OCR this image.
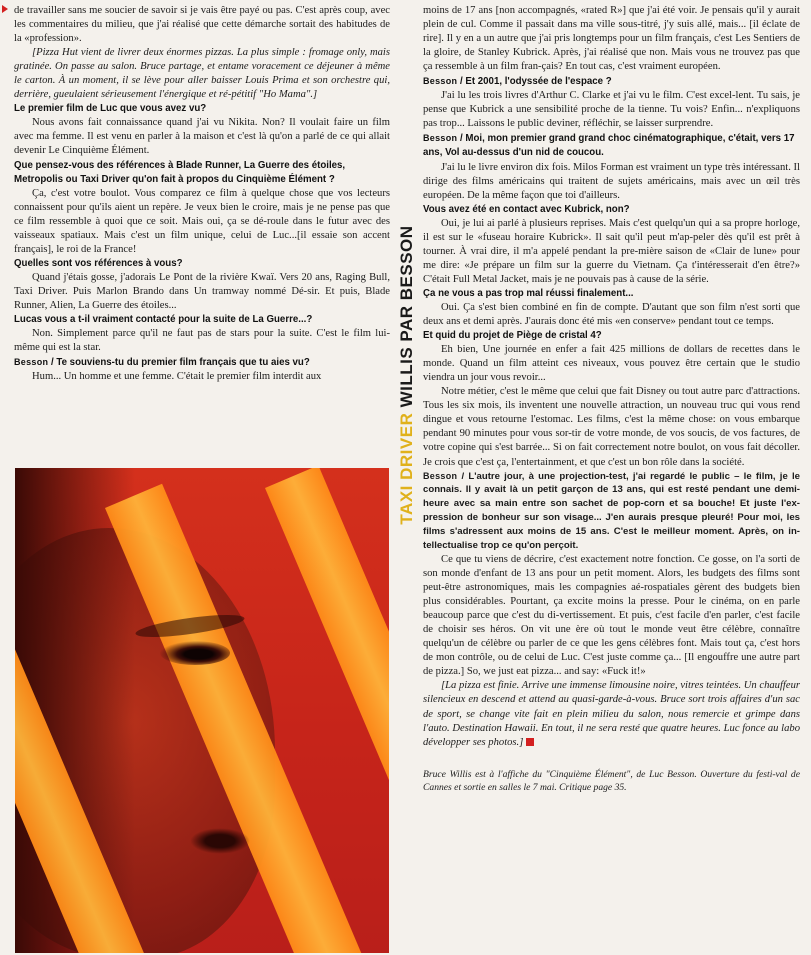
de travailler sans me soucier de savoir si je vais être payé ou pas. C'est après coup, avec les commentaires du milieu, que j'ai réalisé que cette démarche sortait des habitudes de la «profession».

[Pizza Hut vient de livrer deux énormes pizzas. La plus simple : fromage only, mais gratinée. On passe au salon. Bruce partage, et entame voracement ce déjeuner à même le carton. À un moment, il se lève pour aller baisser Louis Prima et son orchestre qui, derrière, gueulaient sérieusement l'énergique et ré-pétitif "Ho Mama".]

Le premier film de Luc que vous avez vu?

Nous avons fait connaissance quand j'ai vu Nikita. Non? Il voulait faire un film avec ma femme. Il est venu en parler à la maison et c'est là qu'on a parlé de ce qui allait devenir Le Cinquième Élément.

Que pensez-vous des références à Blade Runner, La Guerre des étoiles, Metropolis ou Taxi Driver qu'on fait à propos du Cinquième Élément ?

Ça, c'est votre boulot. Vous comparez ce film à quelque chose que vos lecteurs connaissent pour qu'ils aient un repère. Je veux bien le croire, mais je ne pense pas que ce film ressemble à quoi que ce soit. Mais oui, ça se dé-roule dans le futur avec des vaisseaux spatiaux. Mais c'est un film unique, celui de Luc...[il essaie son accent français], le roi de la France!

Quelles sont vos références à vous?

Quand j'étais gosse, j'adorais Le Pont de la rivière Kwaï. Vers 20 ans, Raging Bull, Taxi Driver. Puis Marlon Brando dans Un tramway nommé Dé-sir. Et puis, Blade Runner, Alien, La Guerre des étoiles...

Lucas vous a t-il vraiment contacté pour la suite de La Guerre...?

Non. Simplement parce qu'il ne faut pas de stars pour la suite. C'est le film lui-même qui est la star.

Besson / Te souviens-tu du premier film français que tu aies vu?

Hum... Un homme et une femme. C'était le premier film interdit aux

TAXI DRIVER WILLIS PAR BESSON

moins de 17 ans [non accompagnés, «rated R»] que j'ai été voir. Je pensais qu'il y aurait plein de cul. Comme il passait dans ma ville sous-titré, j'y suis allé, mais... [il éclate de rire]. Il y en a un autre que j'ai pris longtemps pour un film français, c'est Les Sentiers de la gloire, de Stanley Kubrick. Après, j'ai réalisé que non. Mais vous ne trouvez pas que ça ressemble à un film fran-çais? En tout cas, c'est vraiment européen.

Besson / Et 2001, l'odyssée de l'espace ?

J'ai lu les trois livres d'Arthur C. Clarke et j'ai vu le film. C'est excel-lent. Tu sais, je pense que Kubrick a une sensibilité proche de la tienne. Tu vois? Enfin... n'expliquons pas trop... Laissons le public deviner, réfléchir, se laisser surprendre.

Besson / Moi, mon premier grand grand choc cinématographique, c'était, vers 17 ans, Vol au-dessus d'un nid de coucou.

J'ai lu le livre environ dix fois. Milos Forman est vraiment un type très intéressant. Il dirige des films américains qui traitent de sujets américains, mais avec un œil très européen. De la même façon que toi d'ailleurs.

Vous avez été en contact avec Kubrick, non?

Oui, je lui ai parlé à plusieurs reprises. Mais c'est quelqu'un qui a sa propre horloge, il est sur le «fuseau horaire Kubrick». Il sait qu'il peut m'ap-peler dès qu'il est prêt à tourner. À vrai dire, il m'a appelé pendant la pre-mière saison de «Clair de lune» pour me dire: «Je prépare un film sur la guerre du Vietnam. Ça t'intéresserait d'en être?» C'était Full Metal Jacket, mais je ne pouvais pas à cause de la série.

Ça ne vous a pas trop mal réussi finalement...

Oui. Ça s'est bien combiné en fin de compte. D'autant que son film n'est sorti que deux ans et demi après. J'aurais donc été mis «en conserve» pendant tout ce temps.

Et quid du projet de Piège de cristal 4?

Eh bien, Une journée en enfer a fait 425 millions de dollars de recettes dans le monde. Quand un film atteint ces niveaux, vous pouvez être certain que le studio viendra un jour vous revoir...

Notre métier, c'est le même que celui que fait Disney ou tout autre parc d'attractions. Tous les six mois, ils inventent une nouvelle attraction, un nouveau truc qui vous rend dingue et vous retourne l'estomac. Les films, c'est la même chose: on vous embarque pendant 90 minutes pour vous sor-tir de votre monde, de vos soucis, de vos factures, de votre copine qui s'est barrée... Si on fait correctement notre boulot, on vous fait décoller. Je crois que c'est ça, l'entertainment, et que c'est un bon rôle dans la société.

Besson / L'autre jour, à une projection-test, j'ai regardé le public – le film, je le connais. Il y avait là un petit garçon de 13 ans, qui est resté pendant une demi-heure avec sa main entre son sachet de pop-corn et sa bouche! Et juste l'ex-pression de bonheur sur son visage... J'en aurais presque pleuré! Pour moi, les films s'adressent aux moins de 15 ans. C'est le meilleur moment. Après, on in-tellectualise trop ce qu'on perçoit.

Ce que tu viens de décrire, c'est exactement notre fonction. Ce gosse, on l'a sorti de son monde d'enfant de 13 ans pour un petit moment. Alors, les budgets des films sont peut-être astronomiques, mais les compagnies aé-rospatiales gèrent des budgets bien plus considérables. Pourtant, ça excite moins la presse. Pour le cinéma, on en parle beaucoup parce que c'est du di-vertissement. Et puis, c'est facile d'en parler, c'est facile de choisir ses héros. On vit une ère où tout le monde veut être célèbre, connaître quelqu'un de célèbre ou parler de ce que les gens célèbres font. Mais tout ça, c'est hors de mon contrôle, ou de celui de Luc. C'est juste comme ça... [Il engouffre une autre part de pizza.] So, we just eat pizza... and say: «Fuck it!»

[La pizza est finie. Arrive une immense limousine noire, vitres teintées. Un chauffeur silencieux en descend et attend au quasi-garde-à-vous. Bruce sort trois affaires d'un sac de sport, se change vite fait en plein milieu du salon, nous remercie et grimpe dans l'auto. Destination Hawaii. En tout, il ne sera resté que quatre heures. Luc fonce au labo développer ses photos.]

Bruce Willis est à l'affiche du "Cinquième Élément", de Luc Besson. Ouverture du festi-val de Cannes et sortie en salles le 7 mai. Critique page 35.
